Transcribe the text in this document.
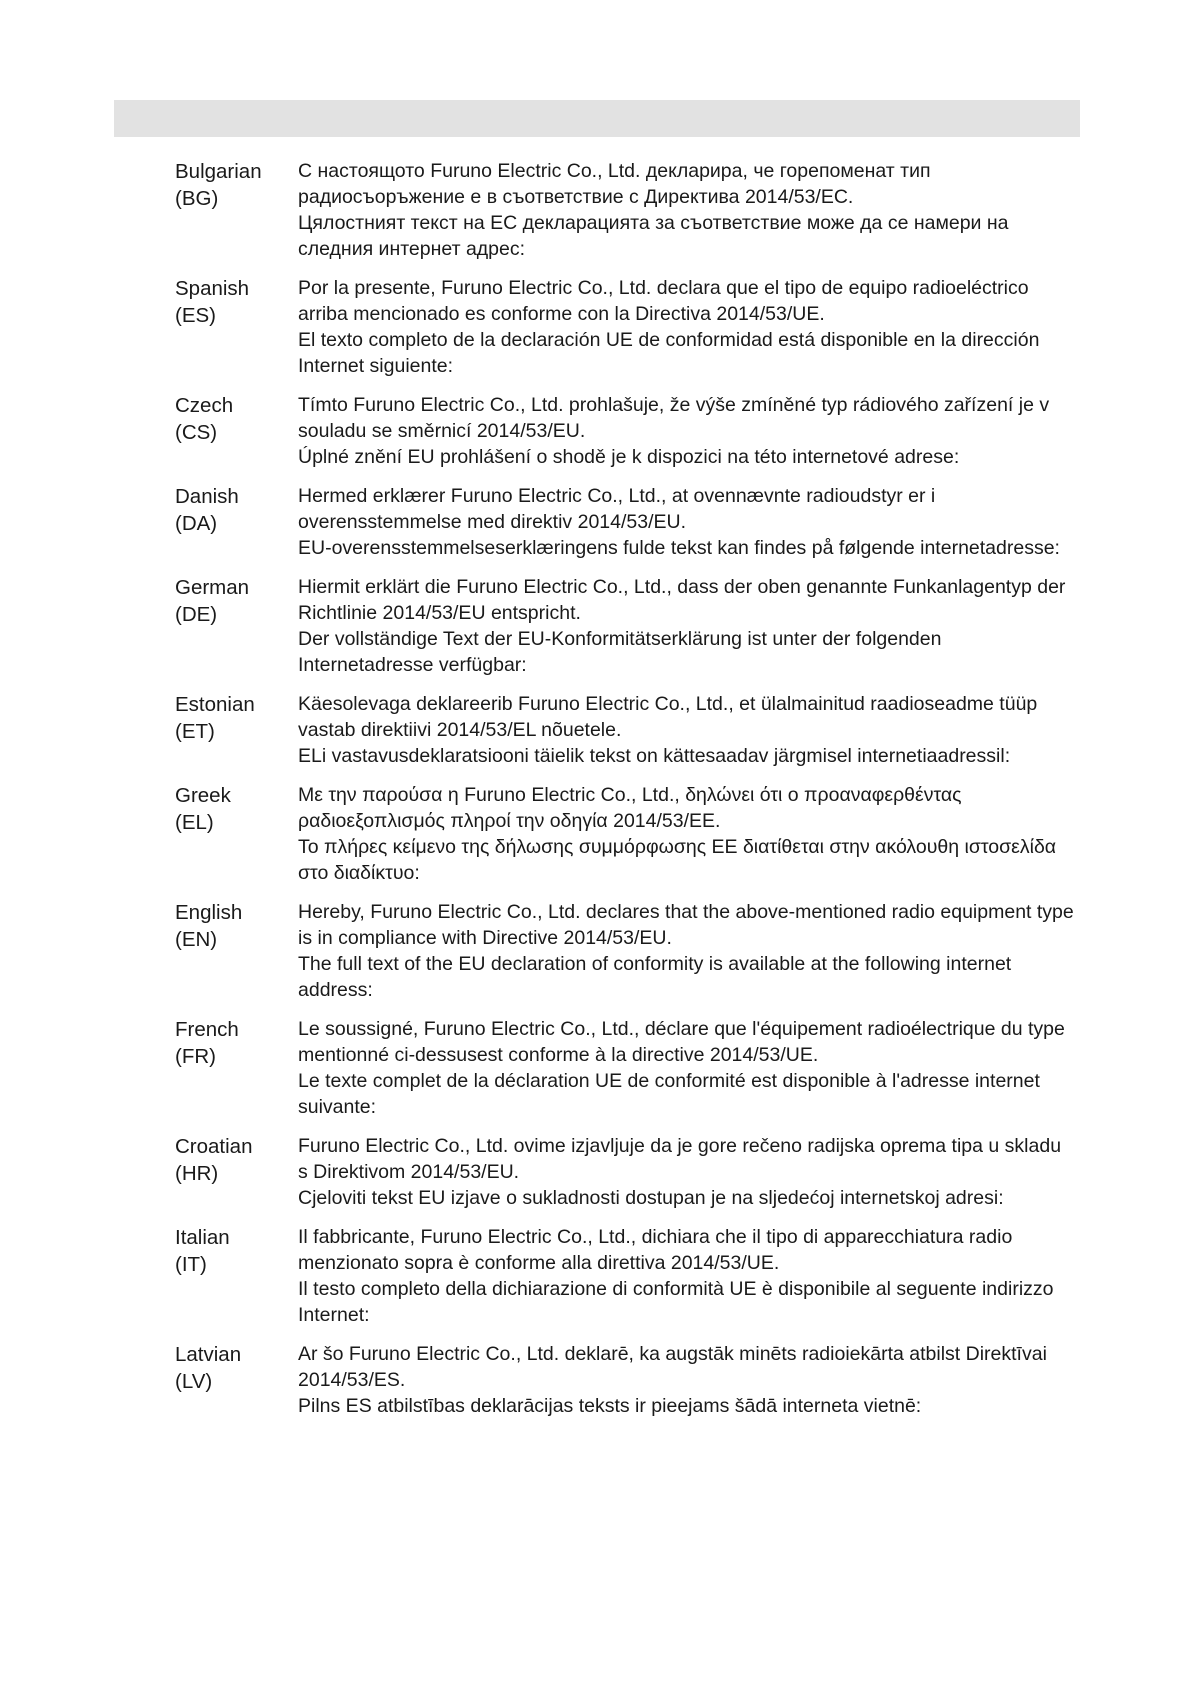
Bulgarian
(BG)

С настоящото Furuno Electric Co., Ltd. декларира, че горепоменат тип радиосъоръжение е в съответствие с Директива 2014/53/ЕС.

Цялостният текст на ЕС декларацията за съответствие може да се намери на следния интернет адрес:

Spanish
(ES)

Por la presente, Furuno Electric Co., Ltd. declara que el tipo de equipo radioeléctrico arriba mencionado es conforme con la Directiva 2014/53/UE.

El texto completo de la declaración UE de conformidad está disponible en la dirección Internet siguiente:

Czech
(CS)

Tímto Furuno Electric Co., Ltd. prohlašuje, že výše zmíněné typ rádiového zařízení je v souladu se směrnicí 2014/53/EU.

Úplné znění EU prohlášení o shodě je k dispozici na této internetové adrese:

Danish
(DA)

Hermed erklærer Furuno Electric Co., Ltd., at ovennævnte radioudstyr er i overensstemmelse med direktiv 2014/53/EU.

EU-overensstemmelseserklæringens fulde tekst kan findes på følgende internetadresse:

German
(DE)

Hiermit erklärt die Furuno Electric Co., Ltd., dass der oben genannte Funkanlagentyp der Richtlinie 2014/53/EU entspricht.

Der vollständige Text der EU-Konformitätserklärung ist unter der folgenden Internetadresse verfügbar:

Estonian
(ET)

Käesolevaga deklareerib Furuno Electric Co., Ltd., et ülalmainitud raadioseadme tüüp vastab direktiivi 2014/53/EL nõuetele.

ELi vastavusdeklaratsiooni täielik tekst on kättesaadav järgmisel internetiaadressil:

Greek
(EL)

Με την παρούσα η Furuno Electric Co., Ltd., δηλώνει ότι ο προαναφερθέντας ραδιοεξοπλισμός πληροί την οδηγία 2014/53/ΕΕ.

Το πλήρες κείμενο της δήλωσης συμμόρφωσης ΕΕ διατίθεται στην ακόλουθη ιστοσελίδα στο διαδίκτυο:

English
(EN)

Hereby, Furuno Electric Co., Ltd. declares that the above-mentioned radio equipment type is in compliance with Directive 2014/53/EU.

The full text of the EU declaration of conformity is available at the following internet address:

French
(FR)

Le soussigné, Furuno Electric Co., Ltd., déclare que l'équipement radioélectrique du type mentionné ci-dessusest conforme à la directive 2014/53/UE.

Le texte complet de la déclaration UE de conformité est disponible à l'adresse internet suivante:

Croatian
(HR)

Furuno Electric Co., Ltd. ovime izjavljuje da je gore rečeno radijska oprema tipa u skladu s Direktivom 2014/53/EU.

Cjeloviti tekst EU izjave o sukladnosti dostupan je na sljedećoj internetskoj adresi:

Italian
(IT)

Il fabbricante, Furuno Electric Co., Ltd., dichiara che il tipo di apparecchiatura radio menzionato sopra è conforme alla direttiva 2014/53/UE.

Il testo completo della dichiarazione di conformità UE è disponibile al seguente indirizzo Internet:

Latvian
(LV)

Ar šo Furuno Electric Co., Ltd. deklarē, ka augstāk minēts radioiekārta atbilst Direktīvai 2014/53/ES.

Pilns ES atbilstības deklarācijas teksts ir pieejams šādā interneta vietnē:
